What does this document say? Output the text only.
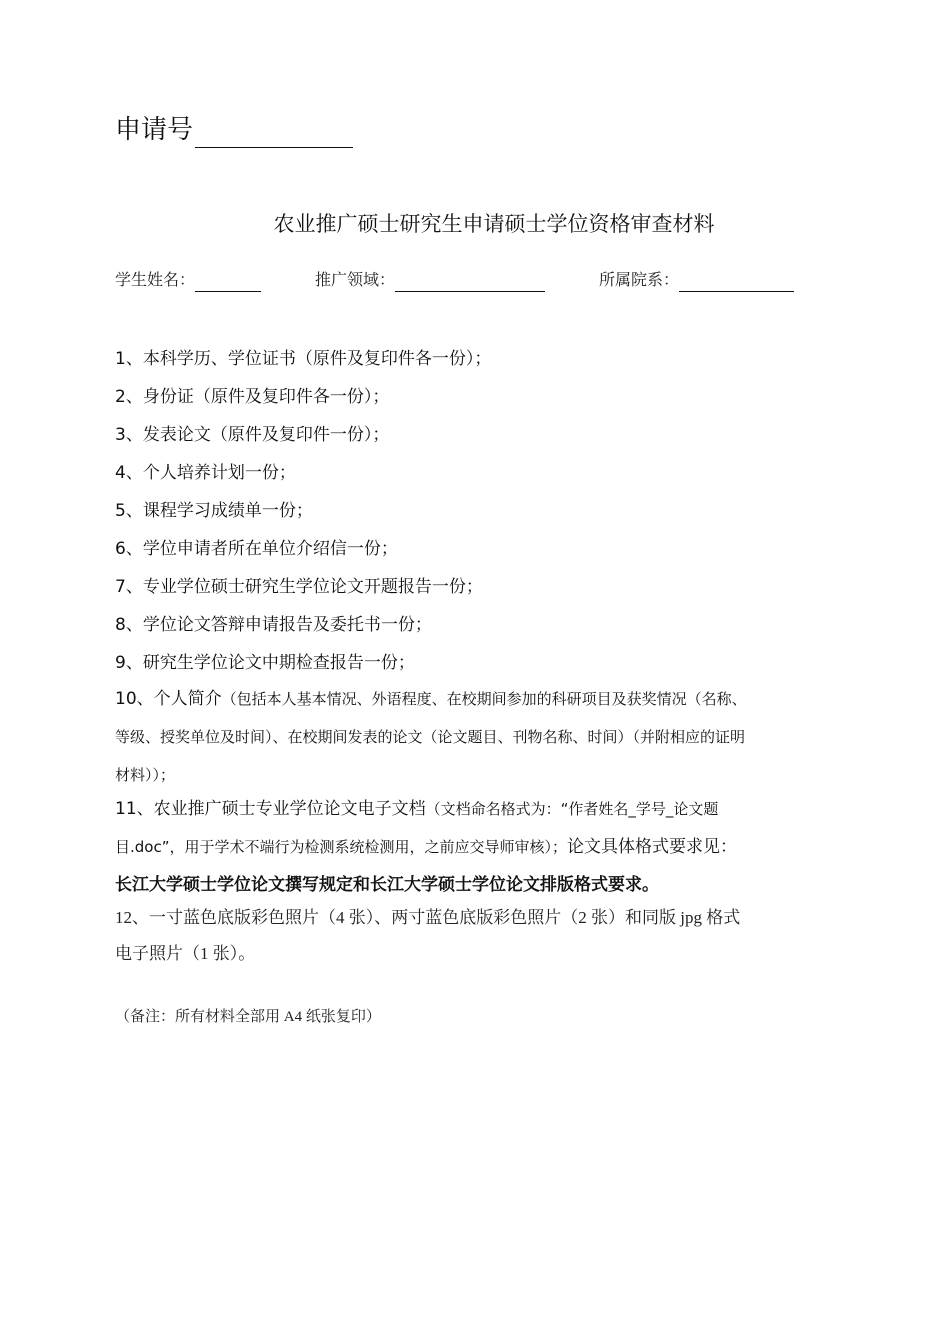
申请号
农业推广硕士研究生申请硕士学位资格审查材料
学生姓名：	推广领域：	所属院系：
1、本科学历、学位证书（原件及复印件各一份）；
2、身份证（原件及复印件各一份）；
3、发表论文（原件及复印件一份）；
4、个人培养计划一份；
5、课程学习成绩单一份；
6、学位申请者所在单位介绍信一份；
7、专业学位硕士研究生学位论文开题报告一份；
8、学位论文答辩申请报告及委托书一份；
9、研究生学位论文中期检查报告一份；
10、个人简介（包括本人基本情况、外语程度、在校期间参加的科研项目及获奖情况（名称、
等级、授奖单位及时间）、在校期间发表的论文（论文题目、刊物名称、时间）（并附相应的证明
材料））；
11、农业推广硕士专业学位论文电子文档（文档命名格式为：“作者姓名_学号_论文题
目.doc”，用于学术不端行为检测系统检测用，之前应交导师审核）；论文具体格式要求见：
长江大学硕士学位论文撰写规定和长江大学硕士学位论文排版格式要求。
12、一寸蓝色底版彩色照片（4 张）、两寸蓝色底版彩色照片（2 张）和同版 jpg 格式
电子照片（1 张）。
（备注：所有材料全部用 A4 纸张复印）
